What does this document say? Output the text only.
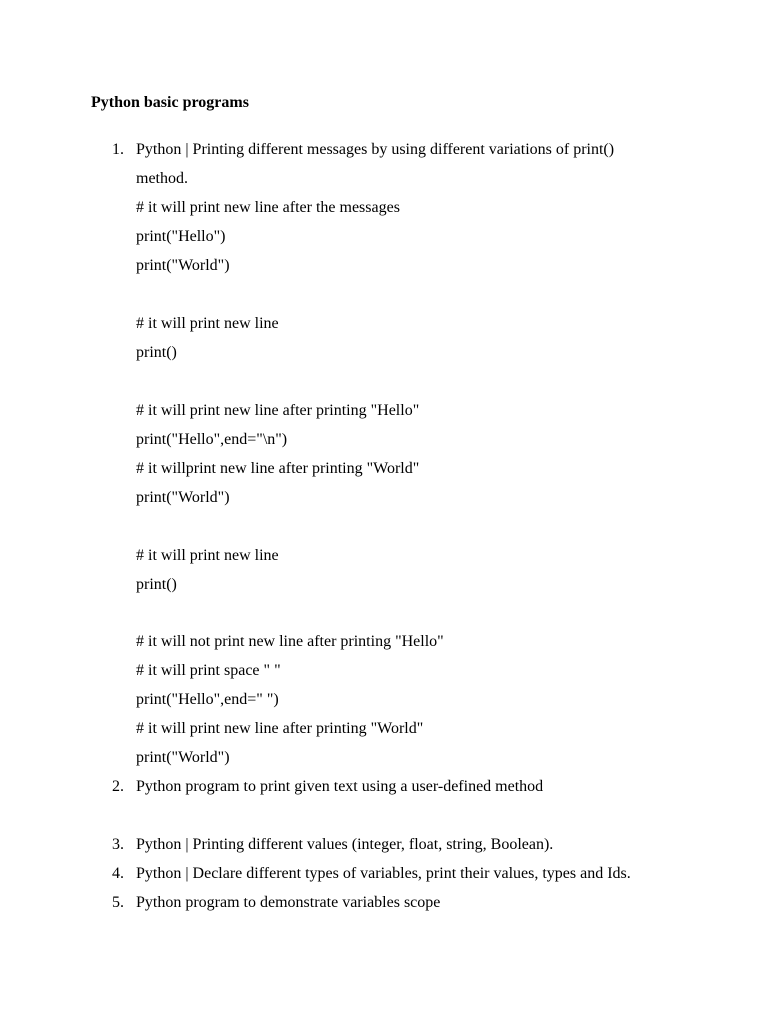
Python basic programs
1. Python | Printing different messages by using different variations of print()
method.
# it will print new line after the messages
print("Hello")
print("World")
# it will print new line
print()
# it will print new line after printing "Hello"
print("Hello",end="\n")
# it willprint new line after printing "World"
print("World")
# it will print new line
print()
# it will not print new line after printing "Hello"
# it will print space " "
print("Hello",end=" ")
# it will print new line after printing "World"
print("World")
2. Python program to print given text using a user-defined method
3. Python | Printing different values (integer, float, string, Boolean).
4. Python | Declare different types of variables, print their values, types and Ids.
5. Python program to demonstrate variables scope
